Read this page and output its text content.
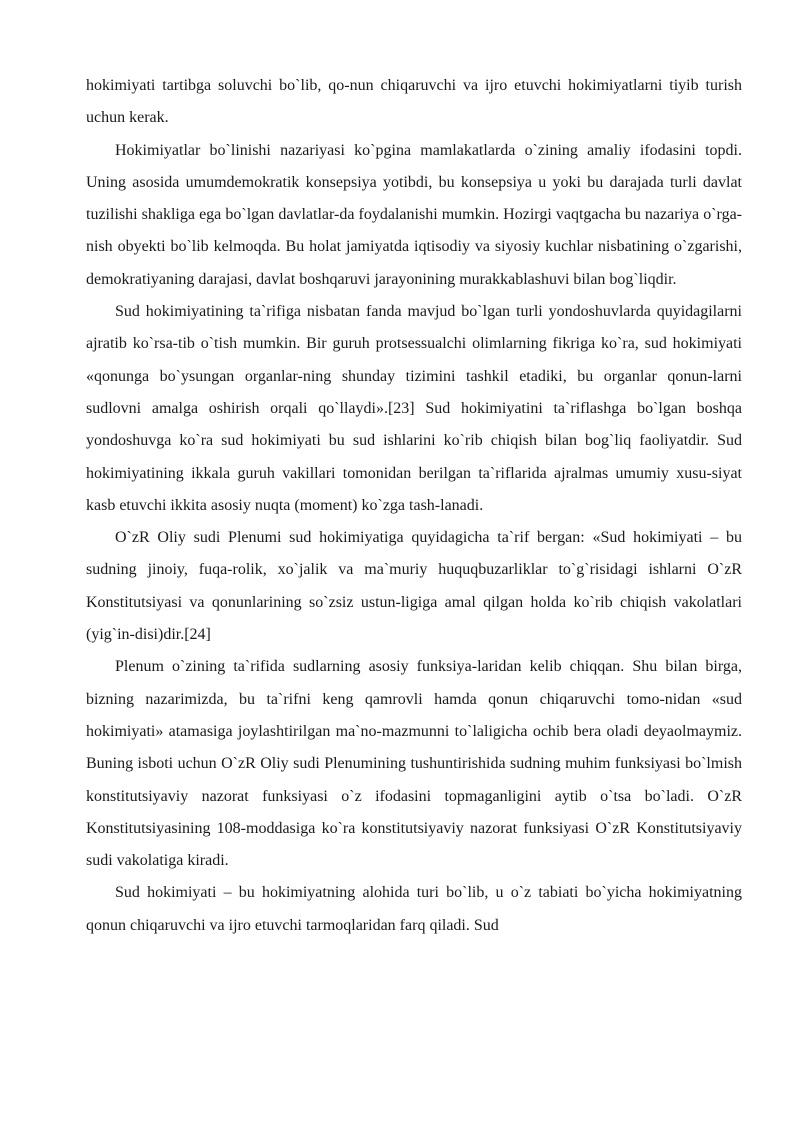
hokimiyati tartibga soluvchi bo`lib, qo-nun chiqaruvchi va ijro etuvchi hokimiyatlarni tiyib turish uchun kerak.

Hokimiyatlar bo`linishi nazariyasi ko`pgina mamlakatlarda o`zining amaliy ifodasini topdi. Uning asosida umumdemokratik konsepsiya yotibdi, bu konsepsiya u yoki bu darajada turli davlat tuzilishi shakliga ega bo`lgan davlatlar-da foydalanishi mumkin. Hozirgi vaqtgacha bu nazariya o`rga-nish obyekti bo`lib kelmoqda. Bu holat jamiyatda iqtisodiy va siyosiy kuchlar nisbatining o`zgarishi, demokratiyaning darajasi, davlat boshqaruvi jarayonining murakkablashuvi bilan bog`liqdir.

Sud hokimiyatining ta`rifiga nisbatan fanda mavjud bo`lgan turli yondoshuvlarda quyidagilarni ajratib ko`rsa-tib o`tish mumkin. Bir guruh protsessualchi olimlarning fikriga ko`ra, sud hokimiyati «qonunga bo`ysungan organlar-ning shunday tizimini tashkil etadiki, bu organlar qonun-larni sudlovni amalga oshirish orqali qo`llaydi».[23] Sud hokimiyatini ta`riflashga bo`lgan boshqa yondoshuvga ko`ra sud hokimiyati bu sud ishlarini ko`rib chiqish bilan bog`liq faoliyatdir. Sud hokimiyatining ikkala guruh vakillari tomonidan berilgan ta`riflarida ajralmas umumiy xusu-siyat kasb etuvchi ikkita asosiy nuqta (moment) ko`zga tash-lanadi.

O`zR Oliy sudi Plenumi sud hokimiyatiga quyidagicha ta`rif bergan: «Sud hokimiyati – bu sudning jinoiy, fuqa-rolik, xo`jalik va ma`muriy huquqbuzarliklar to`g`risidagi ishlarni O`zR Konstitutsiyasi va qonunlarining so`zsiz ustun-ligiga amal qilgan holda ko`rib chiqish vakolatlari (yig`in-disi)dir.[24]

Plenum o`zining ta`rifida sudlarning asosiy funksiya-laridan kelib chiqqan. Shu bilan birga, bizning nazarimizda, bu ta`rifni keng qamrovli hamda qonun chiqaruvchi tomo-nidan «sud hokimiyati» atamasiga joylashtirilgan ma`no-mazmunni to`laligicha ochib bera oladi deyaolmaymiz. Buning isboti uchun O`zR Oliy sudi Plenumining tushuntirishida sudning muhim funksiyasi bo`lmish konstitutsiyaviy nazorat funksiyasi o`z ifodasini topmaganligini aytib o`tsa bo`ladi. O`zR Konstitutsiyasining 108-moddasiga ko`ra konstitutsiyaviy nazorat funksiyasi O`zR Konstitutsiyaviy sudi vakolatiga kiradi.

Sud hokimiyati – bu hokimiyatning alohida turi bo`lib, u o`z tabiati bo`yicha hokimiyatning qonun chiqaruvchi va ijro etuvchi tarmoqlaridan farq qiladi. Sud
